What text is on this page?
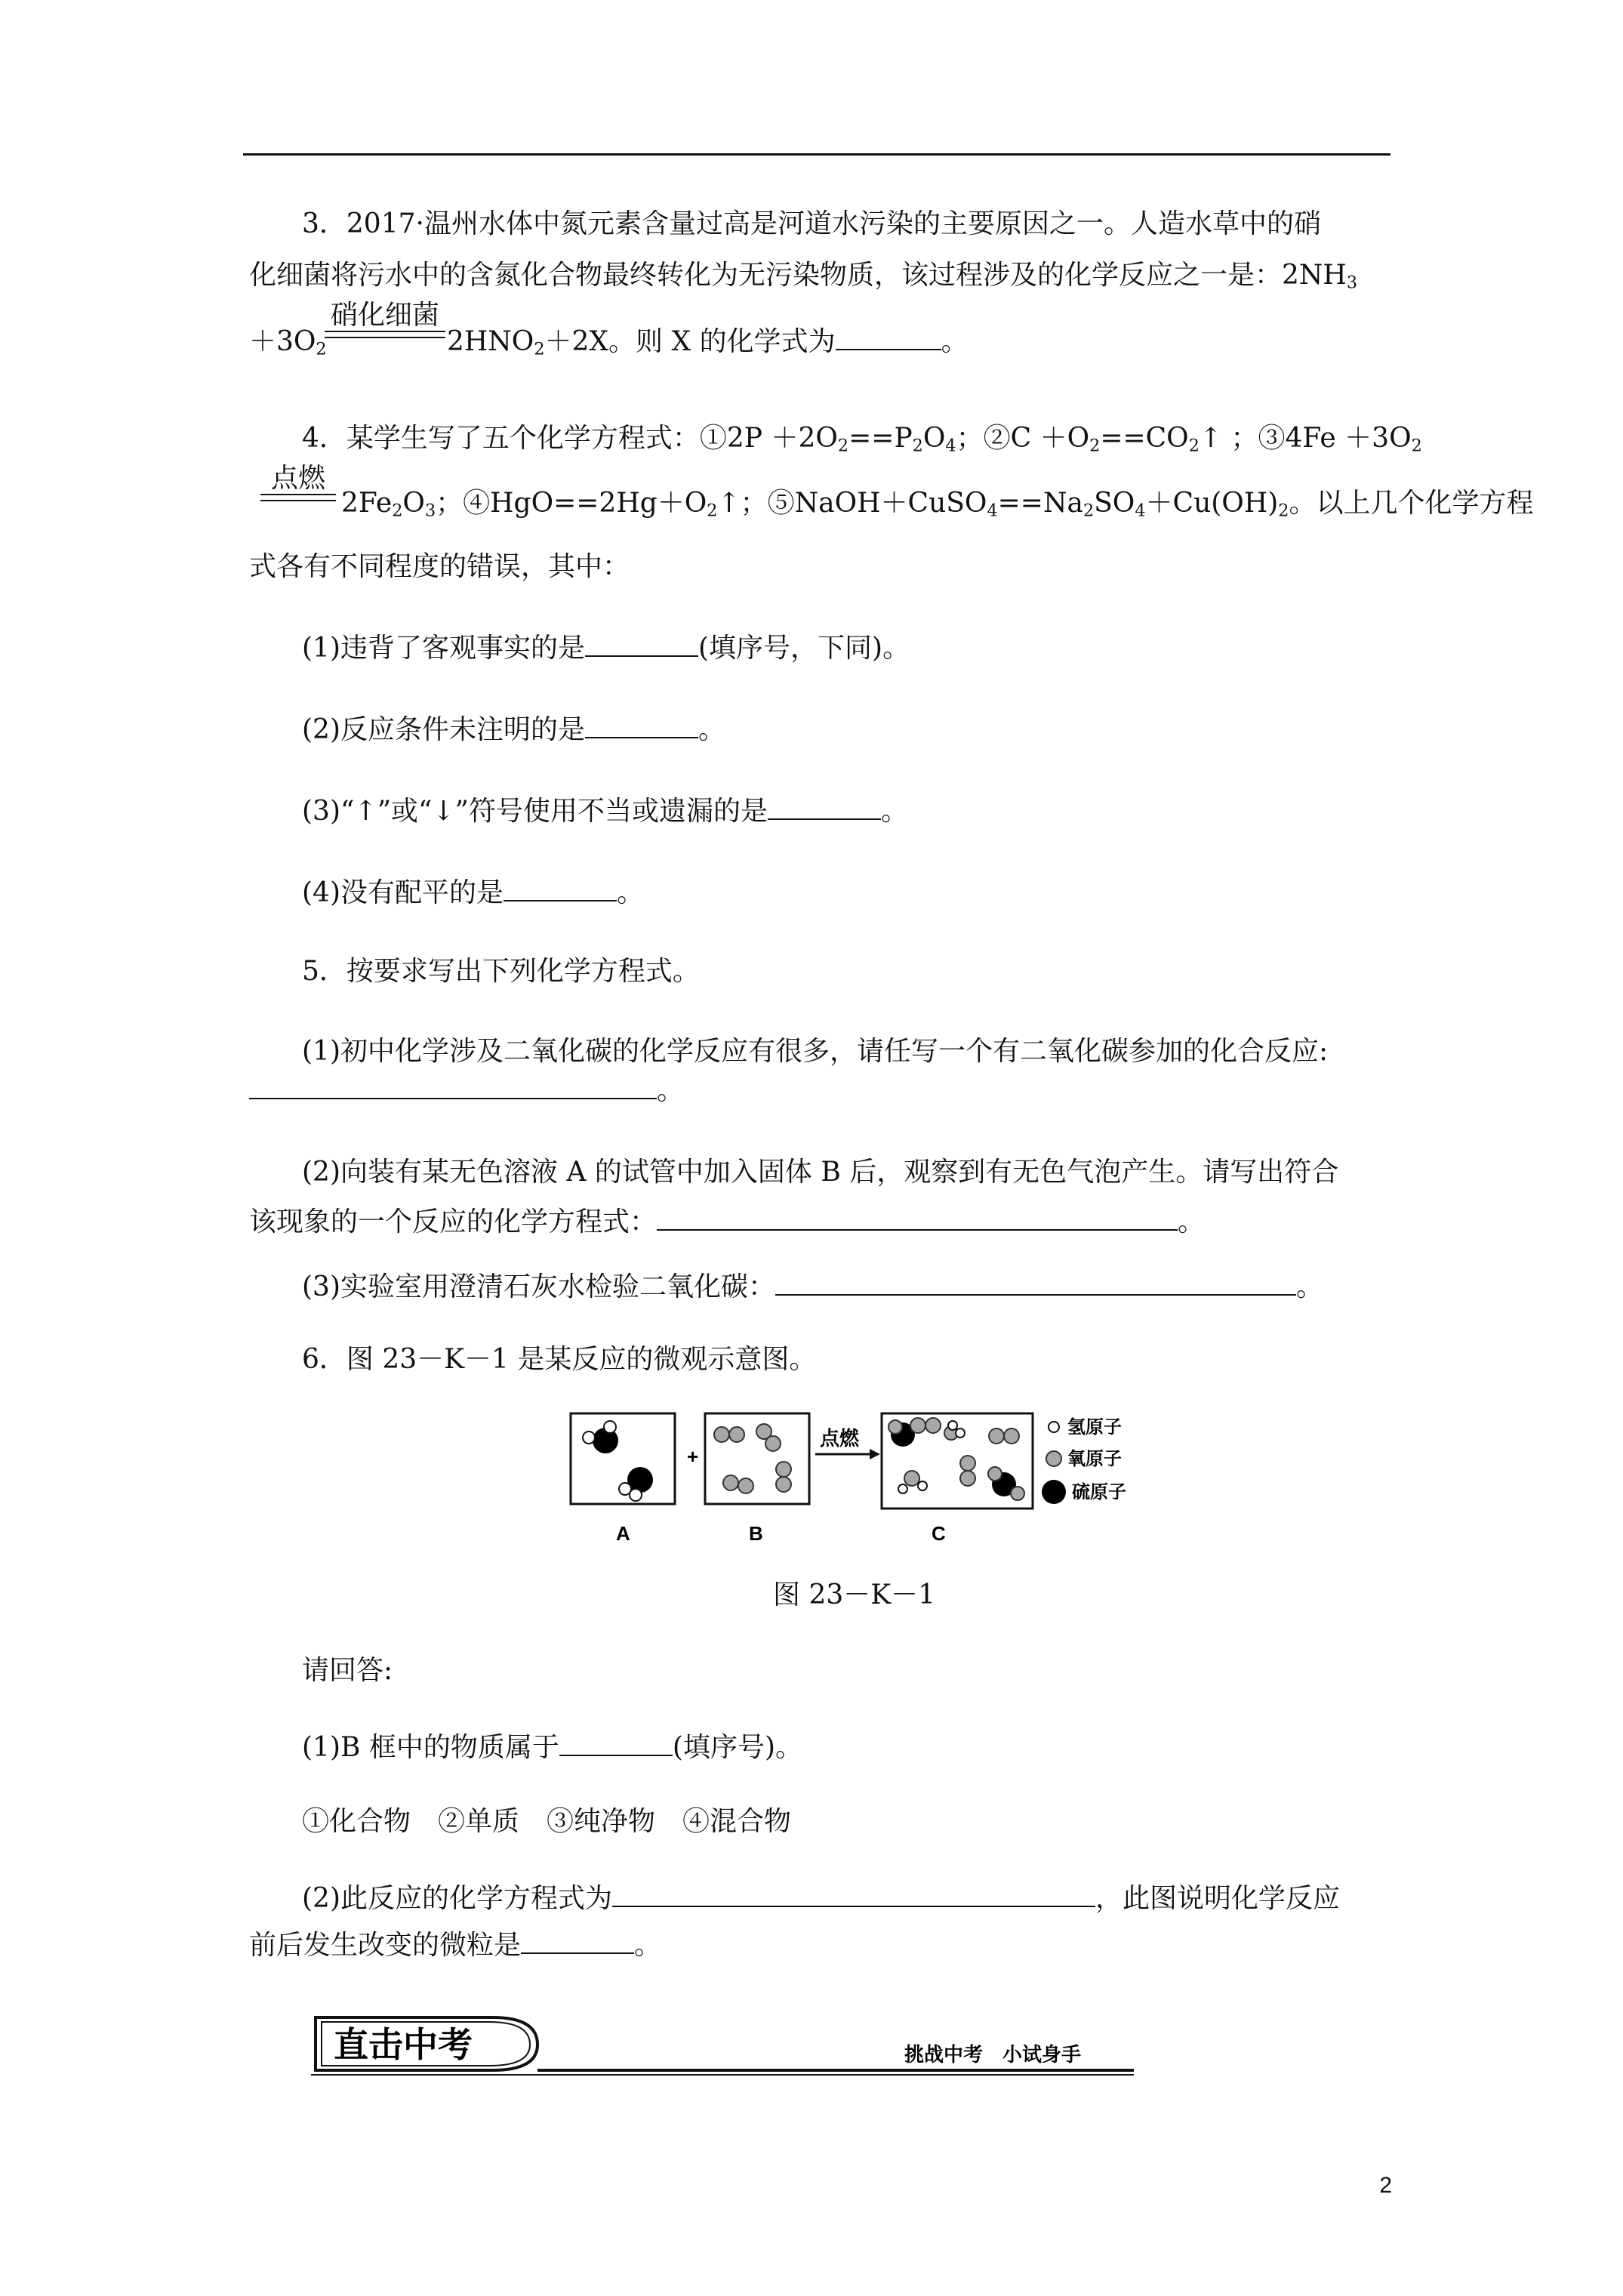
3．2017·温州水体中氮元素含量过高是河道水污染的主要原因之一。人造水草中的硝
化细菌将污水中的含氮化合物最终转化为无污染物质，该过程涉及的化学反应之一是：$2NH_3$
$+3O_2$
硝化细菌
$2HNO_2+2X$。则 X 的化学式为	。
4．某学生写了五个化学方程式：①2P $+2O_2==P_2O_4$；②C $+O_2==CO_2↑$ ；③4Fe $+3O_2$
点燃
$2Fe_2O_3$；$④HgO==2Hg+O_2↑$；$⑤NaOH+CuSO_4==Na_2SO_4+Cu(OH)_2$。以上几个化学方程
式各有不同程度的错误，其中：
(1)违背了客观事实的是	(填序号，下同)。
(2)反应条件未注明的是	。
(3)“↑”或“↓”符号使用不当或遗漏的是	。
(4)没有配平的是	。
5．按要求写出下列化学方程式。
(1)初中化学涉及二氧化碳的化学反应有很多，请任写一个有二氧化碳参加的化合反应:
。
(2)向装有某无色溶液 A 的试管中加入固体 B 后，观察到有无色气泡产生。请写出符合
该现象的一个反应的化学方程式：	。
(3)实验室用澄清石灰水检验二氧化碳：	。
6．图 23－K－1 是某反应的微观示意图。
+
点燃	氢原子
氧原子
硫原子
A	B	C
图 23－K－1
请回答:
(1)B 框中的物质属于	(填序号)。
①化合物　②单质　③纯净物　④混合物
(2)此反应的化学方程式为	，此图说明化学反应
前后发生改变的微粒是	。
直击中考	挑战中考　小试身手
2
